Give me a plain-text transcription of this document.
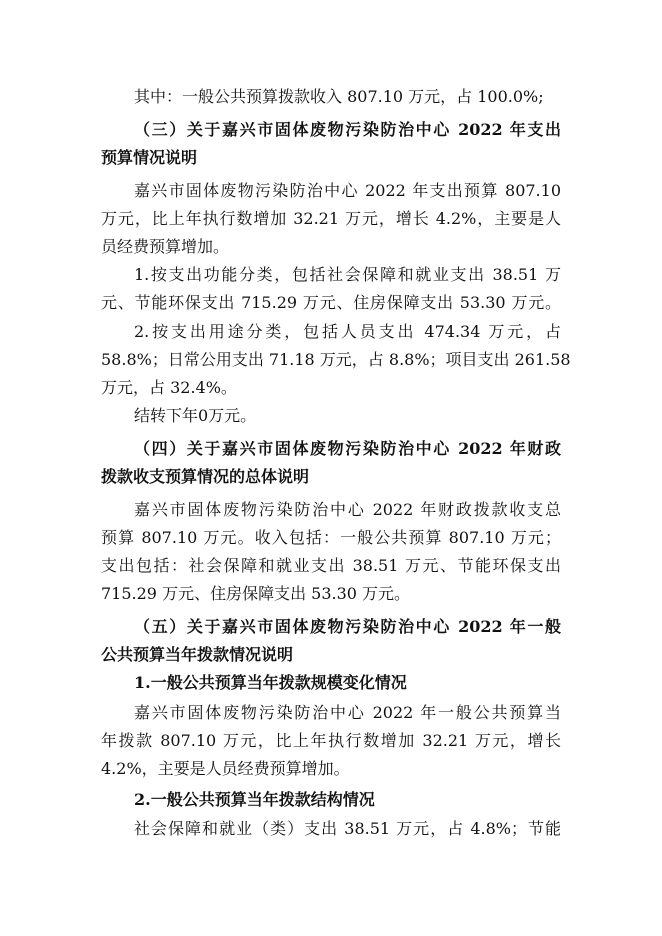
其中：一般公共预算拨款收入 807.10 万元，占 100.0%;
（三）关于嘉兴市固体废物污染防治中心 2022 年支出
预算情况说明
嘉兴市固体废物污染防治中心 2022 年支出预算 807.10
万元，比上年执行数增加 32.21 万元，增长 4.2%，主要是人
员经费预算增加。
1.按支出功能分类，包括社会保障和就业支出 38.51 万
元、节能环保支出 715.29 万元、住房保障支出 53.30 万元。
2.按支出用途分类，包括人员支出 474.34 万元，占
58.8%；日常公用支出 71.18 万元，占 8.8%；项目支出 261.58
万元，占 32.4%。
结转下年0万元。
（四）关于嘉兴市固体废物污染防治中心 2022 年财政
拨款收支预算情况的总体说明
嘉兴市固体废物污染防治中心 2022 年财政拨款收支总
预算 807.10 万元。收入包括：一般公共预算 807.10 万元；
支出包括：社会保障和就业支出 38.51 万元、节能环保支出
715.29 万元、住房保障支出 53.30 万元。
（五）关于嘉兴市固体废物污染防治中心 2022 年一般
公共预算当年拨款情况说明
1.一般公共预算当年拨款规模变化情况
嘉兴市固体废物污染防治中心 2022 年一般公共预算当
年拨款 807.10 万元，比上年执行数增加 32.21 万元，增长
4.2%，主要是人员经费预算增加。
2.一般公共预算当年拨款结构情况
社会保障和就业（类）支出 38.51 万元，占 4.8%；节能
